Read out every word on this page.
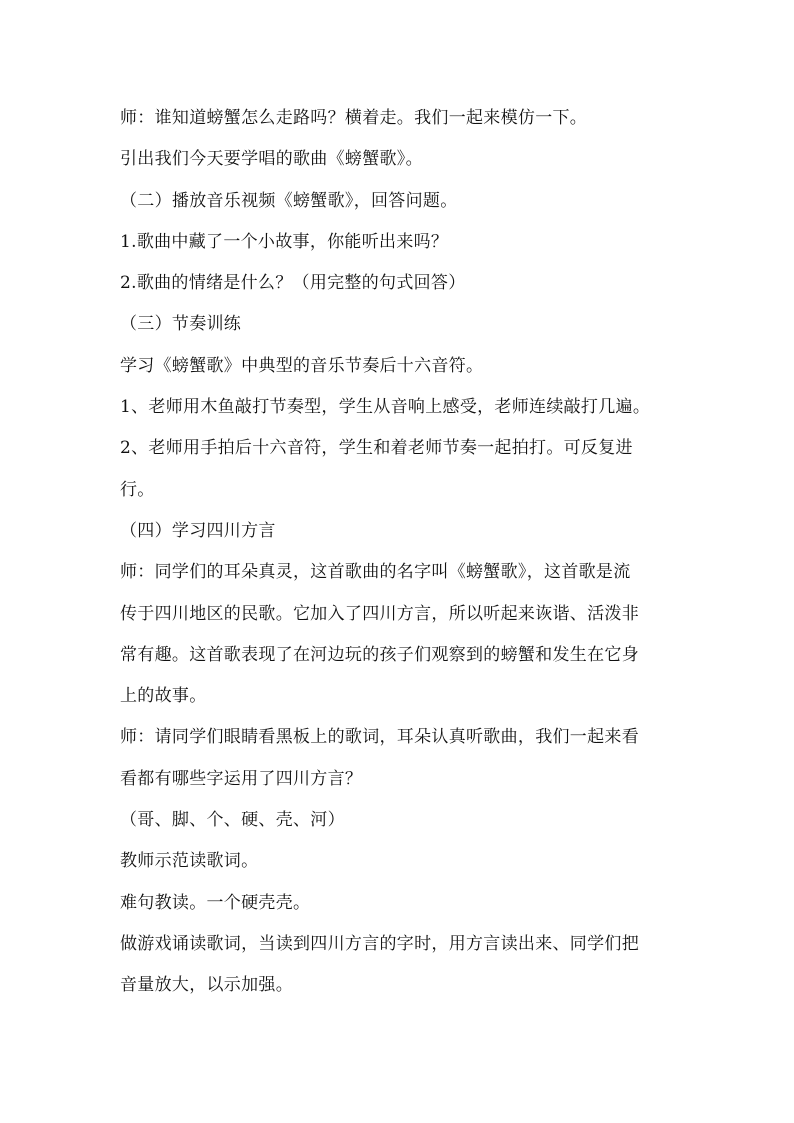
师：谁知道螃蟹怎么走路吗？横着走。我们一起来模仿一下。
引出我们今天要学唱的歌曲《螃蟹歌》。
（二）播放音乐视频《螃蟹歌》，回答问题。
1.歌曲中藏了一个小故事，你能听出来吗？
2.歌曲的情绪是什么？（用完整的句式回答）
（三）节奏训练
学习《螃蟹歌》中典型的音乐节奏后十六音符。
1、老师用木鱼敲打节奏型，学生从音响上感受，老师连续敲打几遍。
2、老师用手拍后十六音符，学生和着老师节奏一起拍打。可反复进
行。
（四）学习四川方言
师：同学们的耳朵真灵，这首歌曲的名字叫《螃蟹歌》，这首歌是流
传于四川地区的民歌。它加入了四川方言，所以听起来诙谐、活泼非
常有趣。这首歌表现了在河边玩的孩子们观察到的螃蟹和发生在它身
上的故事。
师：请同学们眼睛看黑板上的歌词，耳朵认真听歌曲，我们一起来看
看都有哪些字运用了四川方言？
（哥、脚、个、硬、壳、河）
教师示范读歌词。
难句教读。一个硬壳壳。
做游戏诵读歌词，当读到四川方言的字时，用方言读出来、同学们把
音量放大，以示加强。
